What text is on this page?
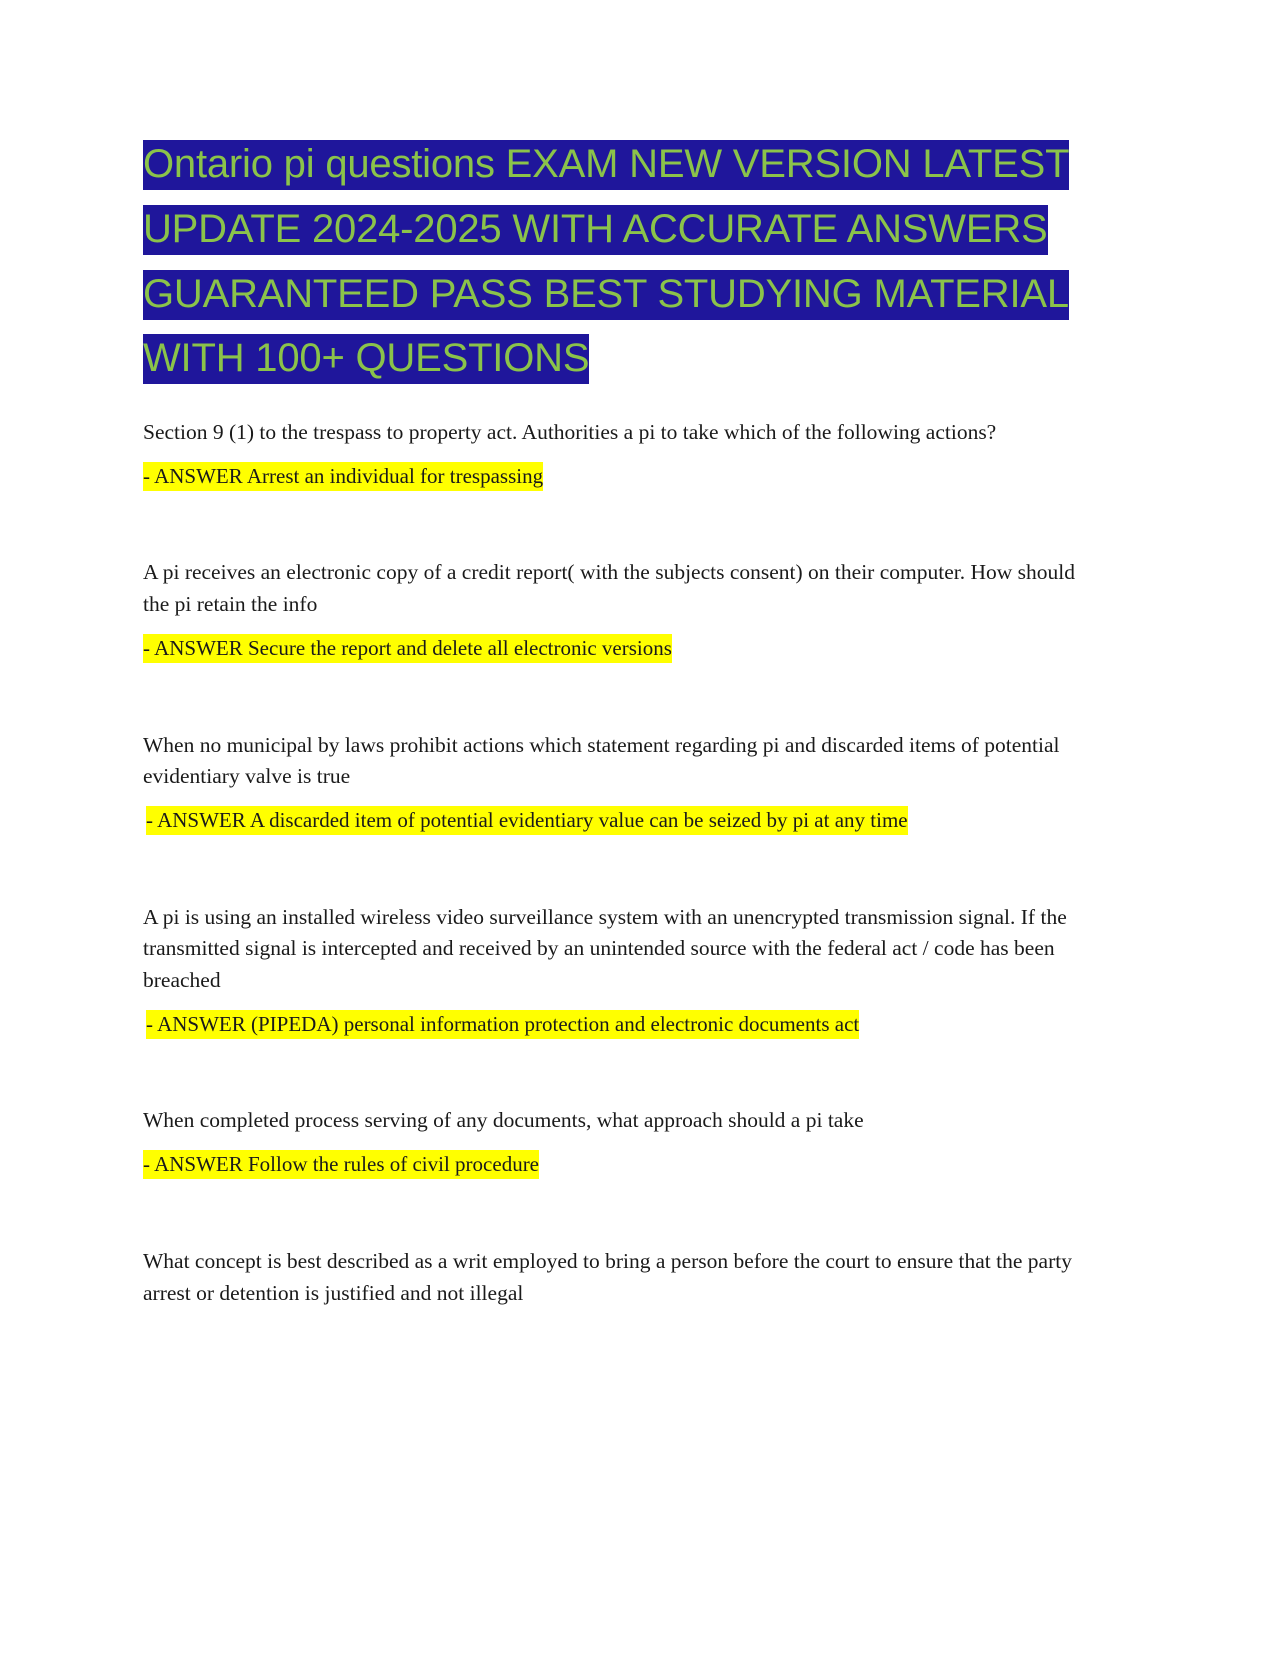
Ontario pi questions EXAM NEW VERSION LATEST UPDATE 2024-2025 WITH ACCURATE ANSWERS GUARANTEED PASS BEST STUDYING MATERIAL WITH 100+ QUESTIONS

Section 9 (1) to the trespass to property act. Authorities a pi to take which of the following actions?

- ANSWER Arrest an individual for trespassing

A pi receives an electronic copy of a credit report( with the subjects consent) on their computer. How should the pi retain the info

- ANSWER Secure the report and delete all electronic versions

When no municipal by laws prohibit actions which statement regarding pi and discarded items of potential evidentiary valve is true

- ANSWER A discarded item of potential evidentiary value can be seized by pi at any time

A pi is using an installed wireless video surveillance system with an unencrypted transmission signal. If the transmitted signal is intercepted and received by an unintended source with the federal act / code has been breached

- ANSWER (PIPEDA) personal information protection and electronic documents act

When completed process serving of any documents, what approach should a pi take

- ANSWER Follow the rules of civil procedure

What concept is best described as a writ employed to bring a person before the court to ensure that the party arrest or detention is justified and not illegal
